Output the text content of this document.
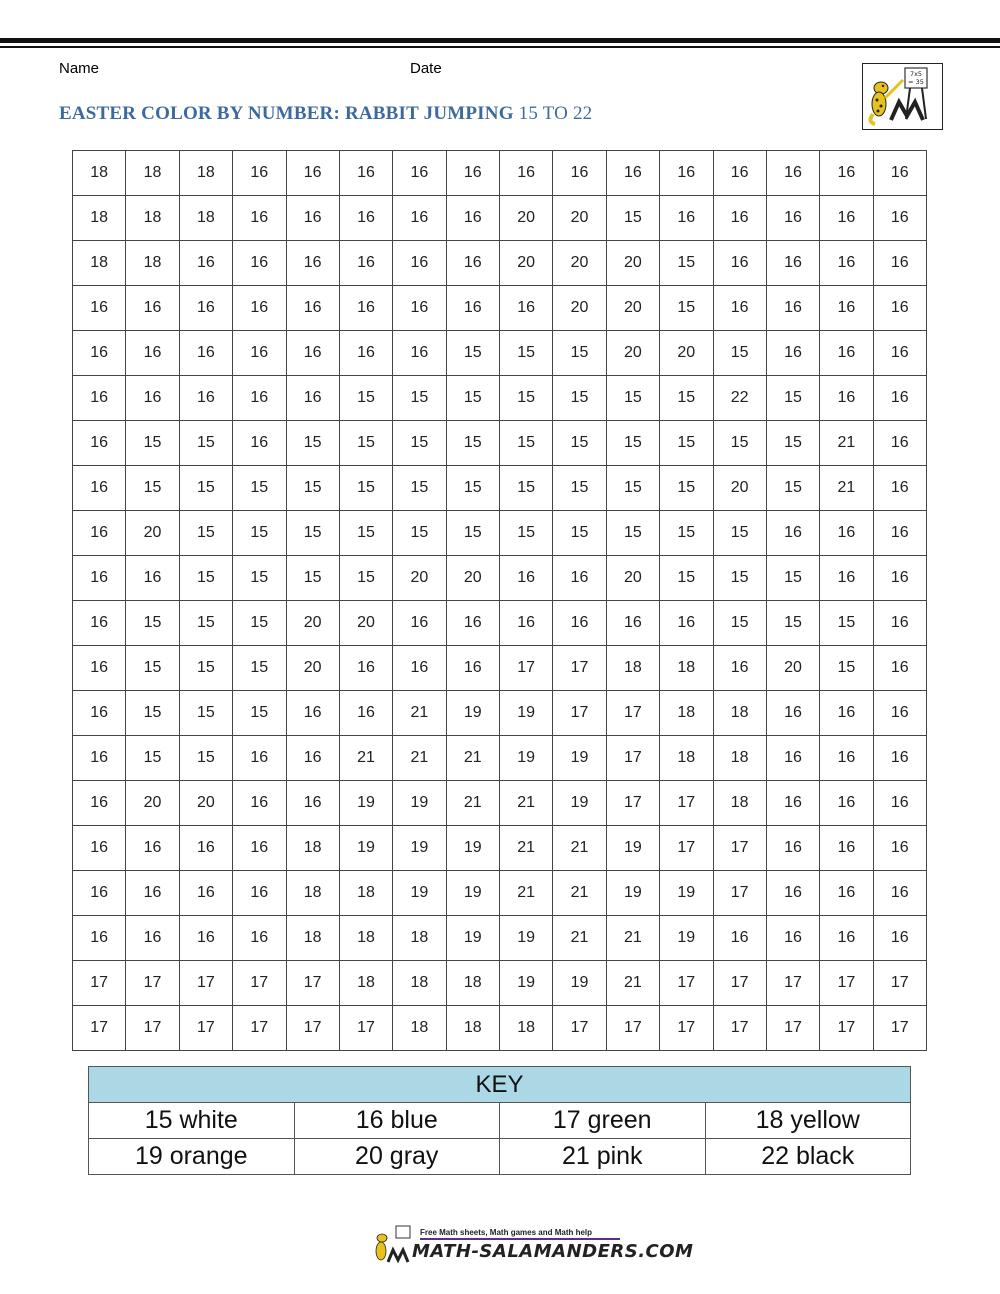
Name	Date
EASTER COLOR BY NUMBER: RABBIT JUMPING 15 TO 22
7x5
= 35
18	18	18	16	16	16	16	16	16	16	16	16	16	16	16	16
18	18	18	16	16	16	16	16	20	20	15	16	16	16	16	16
18	18	16	16	16	16	16	16	20	20	20	15	16	16	16	16
16	16	16	16	16	16	16	16	16	20	20	15	16	16	16	16
16	16	16	16	16	16	16	15	15	15	20	20	15	16	16	16
16	16	16	16	16	15	15	15	15	15	15	15	22	15	16	16
16	15	15	16	15	15	15	15	15	15	15	15	15	15	21	16
16	15	15	15	15	15	15	15	15	15	15	15	20	15	21	16
16	20	15	15	15	15	15	15	15	15	15	15	15	16	16	16
16	16	15	15	15	15	20	20	16	16	20	15	15	15	16	16
16	15	15	15	20	20	16	16	16	16	16	16	15	15	15	16
16	15	15	15	20	16	16	16	17	17	18	18	16	20	15	16
16	15	15	15	16	16	21	19	19	17	17	18	18	16	16	16
16	15	15	16	16	21	21	21	19	19	17	18	18	16	16	16
16	20	20	16	16	19	19	21	21	19	17	17	18	16	16	16
16	16	16	16	18	19	19	19	21	21	19	17	17	16	16	16
16	16	16	16	18	18	19	19	21	21	19	19	17	16	16	16
16	16	16	16	18	18	18	19	19	21	21	19	16	16	16	16
17	17	17	17	17	18	18	18	19	19	21	17	17	17	17	17
17	17	17	17	17	17	18	18	18	17	17	17	17	17	17	17
KEY			
15 white	16 blue	17 green	18 yellow
19 orange	20 gray	21 pink	22 black
Free Math sheets, Math games and Math help
MATH-SALAMANDERS.COM
